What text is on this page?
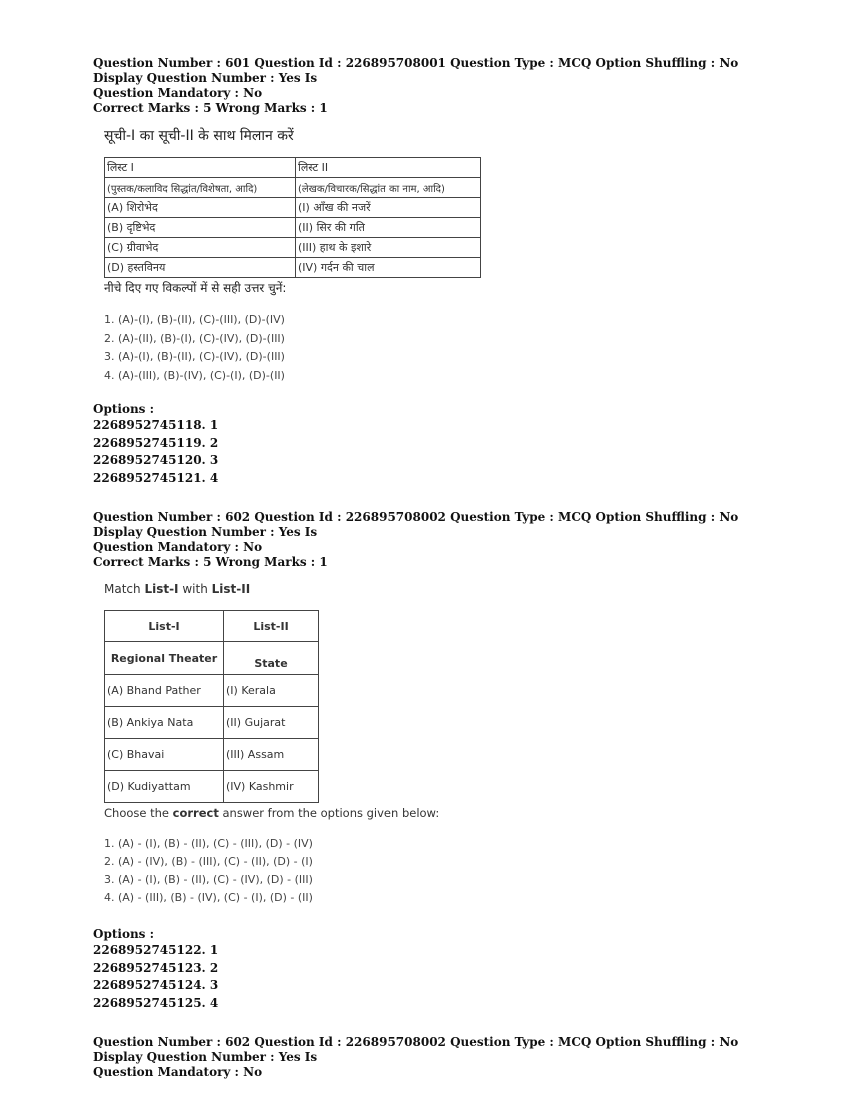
Question Number : 601 Question Id : 226895708001 Question Type : MCQ Option Shuffling : No Display Question Number : Yes Is

Question Mandatory : No

Correct Marks : 5 Wrong Marks : 1

सूची-I का सूची-II के साथ मिलान करें

लिस्ट I	लिस्ट II
(पुस्तक/कलाविद सिद्धांत/विशेषता, आदि)	(लेखक/विचारक/सिद्धांत का नाम, आदि)
(A) शिरोभेद	(I) आँख की नजरें
(B) दृष्टिभेद	(II) सिर की गति
(C) ग्रीवाभेद	(III) हाथ के इशारे
(D) हस्तविनय	(IV) गर्दन की चाल

नीचे दिए गए विकल्पों में से सही उत्तर चुनें:

1. (A)-(I), (B)-(II), (C)-(III), (D)-(IV)
2. (A)-(II), (B)-(I), (C)-(IV), (D)-(III)
3. (A)-(I), (B)-(II), (C)-(IV), (D)-(III)
4. (A)-(III), (B)-(IV), (C)-(I), (D)-(II)

Options :

2268952745118. 1

2268952745119. 2

2268952745120. 3

2268952745121. 4

Question Number : 602 Question Id : 226895708002 Question Type : MCQ Option Shuffling : No Display Question Number : Yes Is

Question Mandatory : No

Correct Marks : 5 Wrong Marks : 1

Match List-I with List-II

List-I	List-II
Regional Theater	State
(A) Bhand Pather	(I) Kerala
(B) Ankiya Nata	(II) Gujarat
(C) Bhavai	(III) Assam
(D) Kudiyattam	(IV) Kashmir

Choose the correct answer from the options given below:

1. (A) - (I), (B) - (II), (C) - (III), (D) - (IV)
2. (A) - (IV), (B) - (III), (C) - (II), (D) - (I)
3. (A) - (I), (B) - (II), (C) - (IV), (D) - (III)
4. (A) - (III), (B) - (IV), (C) - (I), (D) - (II)

Options :

2268952745122. 1

2268952745123. 2

2268952745124. 3

2268952745125. 4

Question Number : 602 Question Id : 226895708002 Question Type : MCQ Option Shuffling : No Display Question Number : Yes Is

Question Mandatory : No
